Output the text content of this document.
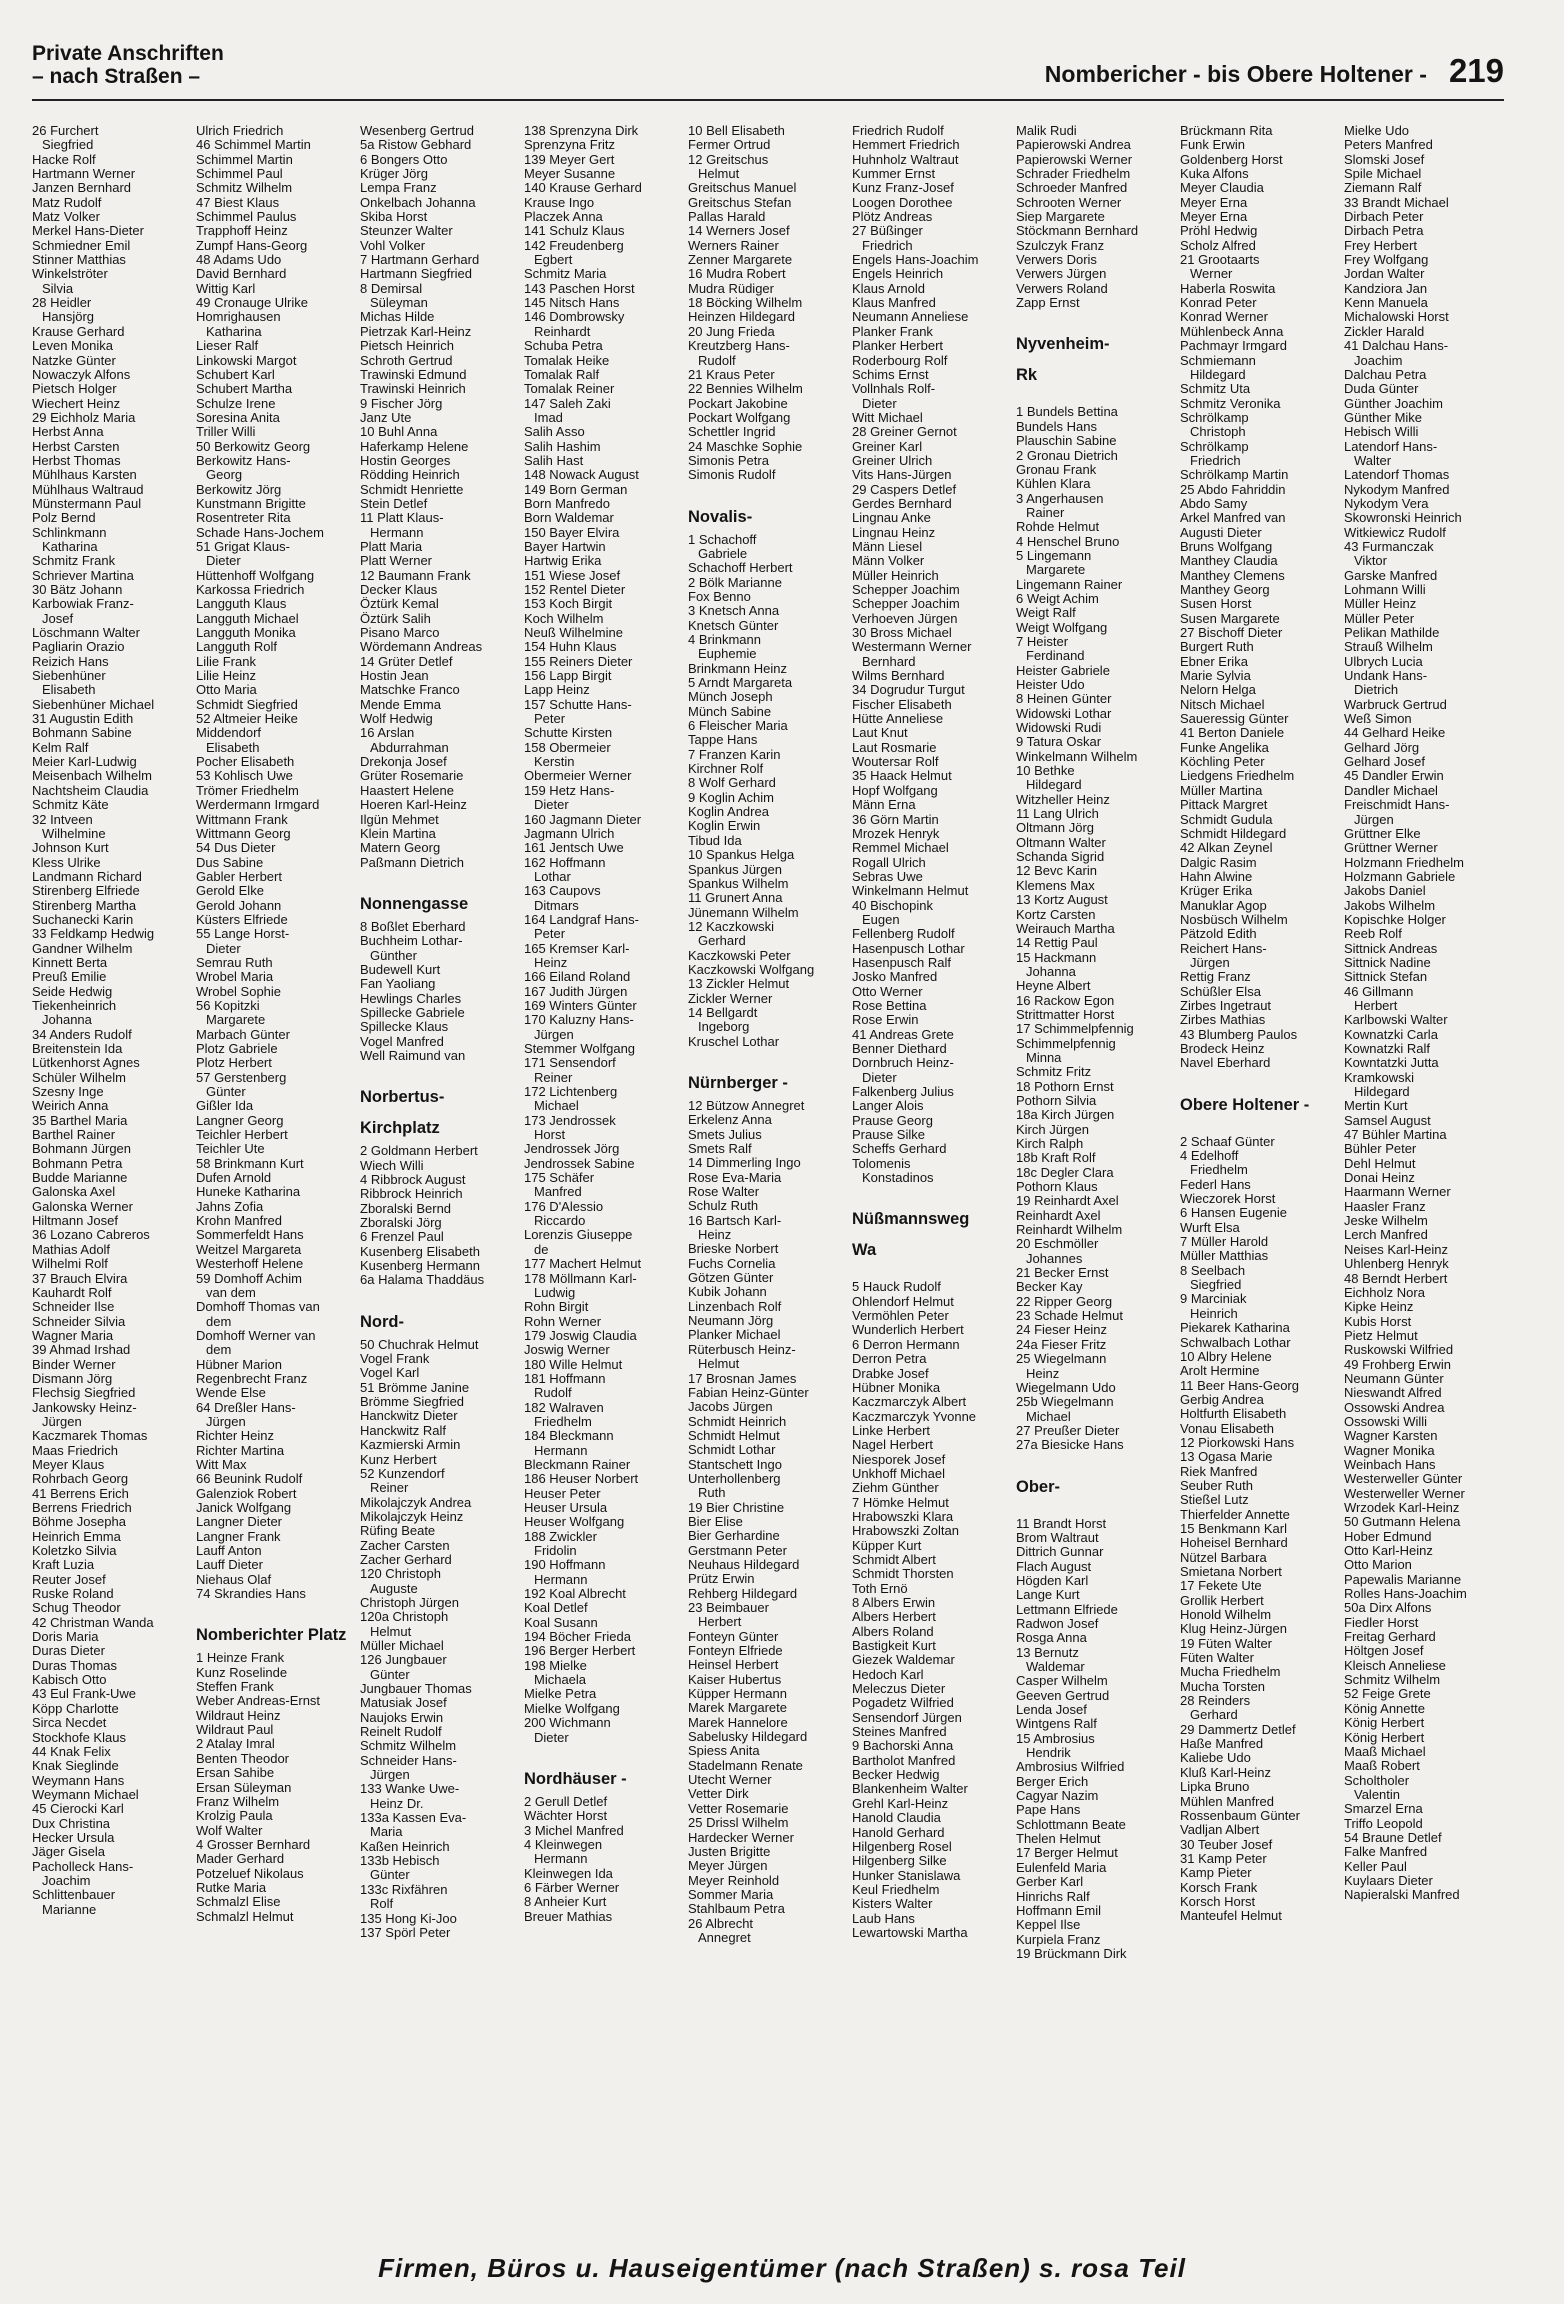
Private Anschriften
– nach Straßen –	Nombericher - bis Obere Holtener - 219
26 Furchert
Siegfried
Hacke Rolf
Hartmann Werner
Janzen Bernhard
Matz Rudolf
Matz Volker
Merkel Hans-Dieter
Schmiedner Emil
Stinner Matthias
Winkelströter
Silvia
28 Heidler
Hansjörg
Krause Gerhard
Leven Monika
Natzke Günter
Nowaczyk Alfons
Pietsch Holger
Wiechert Heinz
29 Eichholz Maria
Herbst Anna
Herbst Carsten
Herbst Thomas
Mühlhaus Karsten
Mühlhaus Waltraud
Münstermann Paul
Polz Bernd
Schlinkmann
Katharina
Schmitz Frank
Schriever Martina
30 Bätz Johann
Karbowiak Franz-
Josef
Löschmann Walter
Pagliarin Orazio
Reizich Hans
Siebenhüner
Elisabeth
Siebenhüner Michael
31 Augustin Edith
Bohmann Sabine
Kelm Ralf
Meier Karl-Ludwig
Meisenbach Wilhelm
Nachtsheim Claudia
Schmitz Käte
32 Intveen
Wilhelmine
Johnson Kurt
Kless Ulrike
Landmann Richard
Stirenberg Elfriede
Stirenberg Martha
Suchanecki Karin
33 Feldkamp Hedwig
Gandner Wilhelm
Kinnett Berta
Preuß Emilie
Seide Hedwig
Tiekenheinrich
Johanna
34 Anders Rudolf
Breitenstein Ida
Lütkenhorst Agnes
Schüler Wilhelm
Szesny Inge
Weirich Anna
35 Barthel Maria
Barthel Rainer
Bohmann Jürgen
Bohmann Petra
Budde Marianne
Galonska Axel
Galonska Werner
Hiltmann Josef
36 Lozano Cabreros
Mathias Adolf
Wilhelmi Rolf
37 Brauch Elvira
Kauhardt Rolf
Schneider Ilse
Schneider Silvia
Wagner Maria
39 Ahmad Irshad
Binder Werner
Dismann Jörg
Flechsig Siegfried
Jankowsky Heinz-
Jürgen
Kaczmarek Thomas
Maas Friedrich
Meyer Klaus
Rohrbach Georg
41 Berrens Erich
Berrens Friedrich
Böhme Josepha
Heinrich Emma
Koletzko Silvia
Kraft Luzia
Reuter Josef
Ruske Roland
Schug Theodor
42 Christman Wanda
Doris Maria
Duras Dieter
Duras Thomas
Kabisch Otto
43 Eul Frank-Uwe
Köpp Charlotte
Sirca Necdet
Stockhofe Klaus
44 Knak Felix
Knak Sieglinde
Weymann Hans
Weymann Michael
45 Cierocki Karl
Dux Christina
Hecker Ursula
Jäger Gisela
Pacholleck Hans-
Joachim
Schlittenbauer
Marianne
Ulrich Friedrich
46 Schimmel Martin
Schimmel Martin
Schimmel Paul
Schmitz Wilhelm
47 Biest Klaus
Schimmel Paulus
Trapphoff Heinz
Zumpf Hans-Georg
48 Adams Udo
David Bernhard
Wittig Karl
49 Cronauge Ulrike
Homrighausen
Katharina
Lieser Ralf
Linkowski Margot
Schubert Karl
Schubert Martha
Schulze Irene
Soresina Anita
Triller Willi
50 Berkowitz Georg
Berkowitz Hans-
Georg
Berkowitz Jörg
Kunstmann Brigitte
Rosentreter Rita
Schade Hans-Jochem
51 Grigat Klaus-
Dieter
Hüttenhoff Wolfgang
Karkossa Friedrich
Langguth Klaus
Langguth Michael
Langguth Monika
Langguth Rolf
Lilie Frank
Lilie Heinz
Otto Maria
Schmidt Siegfried
52 Altmeier Heike
Middendorf
Elisabeth
Pocher Elisabeth
53 Kohlisch Uwe
Trömer Friedhelm
Werdermann Irmgard
Wittmann Frank
Wittmann Georg
54 Dus Dieter
Dus Sabine
Gabler Herbert
Gerold Elke
Gerold Johann
Küsters Elfriede
55 Lange Horst-
Dieter
Semrau Ruth
Wrobel Maria
Wrobel Sophie
56 Kopitzki
Margarete
Marbach Günter
Plotz Gabriele
Plotz Herbert
57 Gerstenberg
Günter
Gißler Ida
Langner Georg
Teichler Herbert
Teichler Ute
58 Brinkmann Kurt
Dufen Arnold
Huneke Katharina
Jahns Zofia
Krohn Manfred
Sommerfeldt Hans
Weitzel Margareta
Westerhoff Helene
59 Domhoff Achim
van dem
Domhoff Thomas van
dem
Domhoff Werner van
dem
Hübner Marion
Regenbrecht Franz
Wende Else
64 Dreßler Hans-
Jürgen
Richter Heinz
Richter Martina
Witt Max
66 Beunink Rudolf
Galenziok Robert
Janick Wolfgang
Langner Dieter
Langner Frank
Lauff Anton
Lauff Dieter
Niehaus Olaf
74 Skrandies Hans
Nomberichter Platz
1 Heinze Frank
Kunz Roselinde
Steffen Frank
Weber Andreas-Ernst
Wildraut Heinz
Wildraut Paul
2 Atalay Imral
Benten Theodor
Ersan Sahibe
Ersan Süleyman
Franz Wilhelm
Krolzig Paula
Wolf Walter
4 Grosser Bernhard
Mader Gerhard
Potzeluef Nikolaus
Rutke Maria
Schmalzl Elise
Schmalzl Helmut
Wesenberg Gertrud
5a Ristow Gebhard
6 Bongers Otto
Krüger Jörg
Lempa Franz
Onkelbach Johanna
Skiba Horst
Steunzer Walter
Vohl Volker
7 Hartmann Gerhard
Hartmann Siegfried
8 Demirsal
Süleyman
Michas Hilde
Pietrzak Karl-Heinz
Pietsch Heinrich
Schroth Gertrud
Trawinski Edmund
Trawinski Heinrich
9 Fischer Jörg
Janz Ute
10 Buhl Anna
Haferkamp Helene
Hostin Georges
Rödding Heinrich
Schmidt Henriette
Stein Detlef
11 Platt Klaus-
Hermann
Platt Maria
Platt Werner
12 Baumann Frank
Decker Klaus
Öztürk Kemal
Öztürk Salih
Pisano Marco
Wördemann Andreas
14 Grüter Detlef
Hostin Jean
Matschke Franco
Mende Emma
Wolf Hedwig
16 Arslan
Abdurrahman
Drekonja Josef
Grüter Rosemarie
Haastert Helene
Hoeren Karl-Heinz
Ilgün Mehmet
Klein Martina
Matern Georg
Paßmann Dietrich
Nonnengasse
8 Boßlet Eberhard
Buchheim Lothar-
Günther
Budewell Kurt
Fan Yaoliang
Hewlings Charles
Spillecke Gabriele
Spillecke Klaus
Vogel Manfred
Well Raimund van
Norbertus-
Kirchplatz
2 Goldmann Herbert
Wiech Willi
4 Ribbrock August
Ribbrock Heinrich
Zboralski Bernd
Zboralski Jörg
6 Frenzel Paul
Kusenberg Elisabeth
Kusenberg Hermann
6a Halama Thaddäus
Nord-
50 Chuchrak Helmut
Vogel Frank
Vogel Karl
51 Brömme Janine
Brömme Siegfried
Hanckwitz Dieter
Hanckwitz Ralf
Kazmierski Armin
Kunz Herbert
52 Kunzendorf
Reiner
Mikolajczyk Andrea
Mikolajczyk Heinz
Rüfing Beate
Zacher Carsten
Zacher Gerhard
120 Christoph
Auguste
Christoph Jürgen
120a Christoph
Helmut
Müller Michael
126 Jungbauer
Günter
Jungbauer Thomas
Matusiak Josef
Naujoks Erwin
Reinelt Rudolf
Schmitz Wilhelm
Schneider Hans-
Jürgen
133 Wanke Uwe-
Heinz Dr.
133a Kassen Eva-
Maria
Kaßen Heinrich
133b Hebisch
Günter
133c Rixfähren
Rolf
135 Hong Ki-Joo
137 Spörl Peter
138 Sprenzyna Dirk
Sprenzyna Fritz
139 Meyer Gert
Meyer Susanne
140 Krause Gerhard
Krause Ingo
Placzek Anna
141 Schulz Klaus
142 Freudenberg
Egbert
Schmitz Maria
143 Paschen Horst
145 Nitsch Hans
146 Dombrowsky
Reinhardt
Schuba Petra
Tomalak Heike
Tomalak Ralf
Tomalak Reiner
147 Saleh Zaki
Imad
Salih Asso
Salih Hashim
Salih Hast
148 Nowack August
149 Born German
Born Manfredo
Born Waldemar
150 Bayer Elvira
Bayer Hartwin
Hartwig Erika
151 Wiese Josef
152 Rentel Dieter
153 Koch Birgit
Koch Wilhelm
Neuß Wilhelmine
154 Huhn Klaus
155 Reiners Dieter
156 Lapp Birgit
Lapp Heinz
157 Schutte Hans-
Peter
Schutte Kirsten
158 Obermeier
Kerstin
Obermeier Werner
159 Hetz Hans-
Dieter
160 Jagmann Dieter
Jagmann Ulrich
161 Jentsch Uwe
162 Hoffmann
Lothar
163 Caupovs
Ditmars
164 Landgraf Hans-
Peter
165 Kremser Karl-
Heinz
166 Eiland Roland
167 Judith Jürgen
169 Winters Günter
170 Kaluzny Hans-
Jürgen
Stemmer Wolfgang
171 Sensendorf
Reiner
172 Lichtenberg
Michael
173 Jendrossek
Horst
Jendrossek Jörg
Jendrossek Sabine
175 Schäfer
Manfred
176 D'Alessio
Riccardo
Lorenzis Giuseppe
de
177 Machert Helmut
178 Möllmann Karl-
Ludwig
Rohn Birgit
Rohn Werner
179 Joswig Claudia
Joswig Werner
180 Wille Helmut
181 Hoffmann
Rudolf
182 Walraven
Friedhelm
184 Bleckmann
Hermann
Bleckmann Rainer
186 Heuser Norbert
Heuser Peter
Heuser Ursula
Heuser Wolfgang
188 Zwickler
Fridolin
190 Hoffmann
Hermann
192 Koal Albrecht
Koal Detlef
Koal Susann
194 Böcher Frieda
196 Berger Herbert
198 Mielke
Michaela
Mielke Petra
Mielke Wolfgang
200 Wichmann
Dieter
Nordhäuser -
2 Gerull Detlef
Wächter Horst
3 Michel Manfred
4 Kleinwegen
Hermann
Kleinwegen Ida
6 Färber Werner
8 Anheier Kurt
Breuer Mathias
10 Bell Elisabeth
Fermer Ortrud
12 Greitschus
Helmut
Greitschus Manuel
Greitschus Stefan
Pallas Harald
14 Werners Josef
Werners Rainer
Zenner Margarete
16 Mudra Robert
Mudra Rüdiger
18 Böcking Wilhelm
Heinzen Hildegard
20 Jung Frieda
Kreutzberg Hans-
Rudolf
21 Kraus Peter
22 Bennies Wilhelm
Pockart Jakobine
Pockart Wolfgang
Schettler Ingrid
24 Maschke Sophie
Simonis Petra
Simonis Rudolf
Novalis-
1 Schachoff
Gabriele
Schachoff Herbert
2 Bölk Marianne
Fox Benno
3 Knetsch Anna
Knetsch Günter
4 Brinkmann
Euphemie
Brinkmann Heinz
5 Arndt Margareta
Münch Joseph
Münch Sabine
6 Fleischer Maria
Tappe Hans
7 Franzen Karin
Kirchner Rolf
8 Wolf Gerhard
9 Koglin Achim
Koglin Andrea
Koglin Erwin
Tibud Ida
10 Spankus Helga
Spankus Jürgen
Spankus Wilhelm
11 Grunert Anna
Jünemann Wilhelm
12 Kaczkowski
Gerhard
Kaczkowski Peter
Kaczkowski Wolfgang
13 Zickler Helmut
Zickler Werner
14 Bellgardt
Ingeborg
Kruschel Lothar
Nürnberger -
12 Bützow Annegret
Erkelenz Anna
Smets Julius
Smets Ralf
14 Dimmerling Ingo
Rose Eva-Maria
Rose Walter
Schulz Ruth
16 Bartsch Karl-
Heinz
Brieske Norbert
Fuchs Cornelia
Götzen Günter
Kubik Johann
Linzenbach Rolf
Neumann Jörg
Planker Michael
Rüterbusch Heinz-
Helmut
17 Brosnan James
Fabian Heinz-Günter
Jacobs Jürgen
Schmidt Heinrich
Schmidt Helmut
Schmidt Lothar
Stantschett Ingo
Unterhollenberg
Ruth
19 Bier Christine
Bier Elise
Bier Gerhardine
Gerstmann Peter
Neuhaus Hildegard
Prütz Erwin
Rehberg Hildegard
23 Beimbauer
Herbert
Fonteyn Günter
Fonteyn Elfriede
Heinsel Herbert
Kaiser Hubertus
Küpper Hermann
Marek Margarete
Marek Hannelore
Sabelusky Hildegard
Spiess Anita
Stadelmann Renate
Utecht Werner
Vetter Dirk
Vetter Rosemarie
25 Drissl Wilhelm
Hardecker Werner
Justen Brigitte
Meyer Jürgen
Meyer Reinhold
Sommer Maria
Stahlbaum Petra
26 Albrecht
Annegret
Friedrich Rudolf
Hemmert Friedrich
Huhnholz Waltraut
Kummer Ernst
Kunz Franz-Josef
Loogen Dorothee
Plötz Andreas
27 Büßinger
Friedrich
Engels Hans-Joachim
Engels Heinrich
Klaus Arnold
Klaus Manfred
Neumann Anneliese
Planker Frank
Planker Herbert
Roderbourg Rolf
Schims Ernst
Vollnhals Rolf-
Dieter
Witt Michael
28 Greiner Gernot
Greiner Karl
Greiner Ulrich
Vits Hans-Jürgen
29 Caspers Detlef
Gerdes Bernhard
Lingnau Anke
Lingnau Heinz
Männ Liesel
Männ Volker
Müller Heinrich
Schepper Joachim
Schepper Joachim
Verhoeven Jürgen
30 Bross Michael
Westermann Werner
Bernhard
Wilms Bernhard
34 Dogrudur Turgut
Fischer Elisabeth
Hütte Anneliese
Laut Knut
Laut Rosmarie
Woutersar Rolf
35 Haack Helmut
Hopf Wolfgang
Männ Erna
36 Görn Martin
Mrozek Henryk
Remmel Michael
Rogall Ulrich
Sebras Uwe
Winkelmann Helmut
40 Bischopink
Eugen
Fellenberg Rudolf
Hasenpusch Lothar
Hasenpusch Ralf
Josko Manfred
Otto Werner
Rose Bettina
Rose Erwin
41 Andreas Grete
Benner Diethard
Dornbruch Heinz-
Dieter
Falkenberg Julius
Langer Alois
Prause Georg
Prause Silke
Scheffs Gerhard
Tolomenis
Konstadinos
Nüßmannsweg
Wa
5 Hauck Rudolf
Ohlendorf Helmut
Vermöhlen Peter
Wunderlich Herbert
6 Derron Hermann
Derron Petra
Drabke Josef
Hübner Monika
Kaczmarczyk Albert
Kaczmarczyk Yvonne
Linke Herbert
Nagel Herbert
Niesporek Josef
Unkhoff Michael
Ziehm Günther
7 Hömke Helmut
Hrabowszki Klara
Hrabowszki Zoltan
Küpper Kurt
Schmidt Albert
Schmidt Thorsten
Toth Ernö
8 Albers Erwin
Albers Herbert
Albers Roland
Bastigkeit Kurt
Giezek Waldemar
Hedoch Karl
Meleczus Dieter
Pogadetz Wilfried
Sensendorf Jürgen
Steines Manfred
9 Bachorski Anna
Bartholot Manfred
Becker Hedwig
Blankenheim Walter
Grehl Karl-Heinz
Hanold Claudia
Hanold Gerhard
Hilgenberg Rosel
Hilgenberg Silke
Hunker Stanislawa
Keul Friedhelm
Kisters Walter
Laub Hans
Lewartowski Martha
Malik Rudi
Papierowski Andrea
Papierowski Werner
Schrader Friedhelm
Schroeder Manfred
Schrooten Werner
Siep Margarete
Stöckmann Bernhard
Szulczyk Franz
Verwers Doris
Verwers Jürgen
Verwers Roland
Zapp Ernst
Nyvenheim-
Rk
1 Bundels Bettina
Bundels Hans
Plauschin Sabine
2 Gronau Dietrich
Gronau Frank
Kühlen Klara
3 Angerhausen
Rainer
Rohde Helmut
4 Henschel Bruno
5 Lingemann
Margarete
Lingemann Rainer
6 Weigt Achim
Weigt Ralf
Weigt Wolfgang
7 Heister
Ferdinand
Heister Gabriele
Heister Udo
8 Heinen Günter
Widowski Lothar
Widowski Rudi
9 Tatura Oskar
Winkelmann Wilhelm
10 Bethke
Hildegard
Witzheller Heinz
11 Lang Ulrich
Oltmann Jörg
Oltmann Walter
Schanda Sigrid
12 Bevc Karin
Klemens Max
13 Kortz August
Kortz Carsten
Weirauch Martha
14 Rettig Paul
15 Hackmann
Johanna
Heyne Albert
16 Rackow Egon
Strittmatter Horst
17 Schimmelpfennig
Schimmelpfennig
Minna
Schmitz Fritz
18 Pothorn Ernst
Pothorn Silvia
18a Kirch Jürgen
Kirch Jürgen
Kirch Ralph
18b Kraft Rolf
18c Degler Clara
Pothorn Klaus
19 Reinhardt Axel
Reinhardt Axel
Reinhardt Wilhelm
20 Eschmöller
Johannes
21 Becker Ernst
Becker Kay
22 Ripper Georg
23 Schade Helmut
24 Fieser Heinz
24a Fieser Fritz
25 Wiegelmann
Heinz
Wiegelmann Udo
25b Wiegelmann
Michael
27 Preußer Dieter
27a Biesicke Hans
Ober-
11 Brandt Horst
Brom Waltraut
Dittrich Gunnar
Flach August
Högden Karl
Lange Kurt
Lettmann Elfriede
Radwon Josef
Rosga Anna
13 Bernutz
Waldemar
Casper Wilhelm
Geeven Gertrud
Lenda Josef
Wintgens Ralf
15 Ambrosius
Hendrik
Ambrosius Wilfried
Berger Erich
Cagyar Nazim
Pape Hans
Schlottmann Beate
Thelen Helmut
17 Berger Helmut
Eulenfeld Maria
Gerber Karl
Hinrichs Ralf
Hoffmann Emil
Keppel Ilse
Kurpiela Franz
19 Brückmann Dirk
Brückmann Rita
Funk Erwin
Goldenberg Horst
Kuka Alfons
Meyer Claudia
Meyer Erna
Meyer Erna
Pröhl Hedwig
Scholz Alfred
21 Grootaarts
Werner
Haberla Roswita
Konrad Peter
Konrad Werner
Mühlenbeck Anna
Pachmayr Irmgard
Schmiemann
Hildegard
Schmitz Uta
Schmitz Veronika
Schrölkamp
Christoph
Schrölkamp
Friedrich
Schrölkamp Martin
25 Abdo Fahriddin
Abdo Samy
Arkel Manfred van
Augusti Dieter
Bruns Wolfgang
Manthey Claudia
Manthey Clemens
Manthey Georg
Susen Horst
Susen Margarete
27 Bischoff Dieter
Burgert Ruth
Ebner Erika
Marie Sylvia
Nelorn Helga
Nitsch Michael
Saueressig Günter
41 Berton Daniele
Funke Angelika
Köchling Peter
Liedgens Friedhelm
Müller Martina
Pittack Margret
Schmidt Gudula
Schmidt Hildegard
42 Alkan Zeynel
Dalgic Rasim
Hahn Alwine
Krüger Erika
Manuklar Agop
Nosbüsch Wilhelm
Pätzold Edith
Reichert Hans-
Jürgen
Rettig Franz
Schüßler Elsa
Zirbes Ingetraut
Zirbes Mathias
43 Blumberg Paulos
Brodeck Heinz
Navel Eberhard
Obere Holtener -
2 Schaaf Günter
4 Edelhoff
Friedhelm
Federl Hans
Wieczorek Horst
6 Hansen Eugenie
Wurft Elsa
7 Müller Harold
Müller Matthias
8 Seelbach
Siegfried
9 Marciniak
Heinrich
Piekarek Katharina
Schwalbach Lothar
10 Albry Helene
Arolt Hermine
11 Beer Hans-Georg
Gerbig Andrea
Holtfurth Elisabeth
Vonau Elisabeth
12 Piorkowski Hans
13 Ogasa Marie
Riek Manfred
Seuber Ruth
Stießel Lutz
Thierfelder Annette
15 Benkmann Karl
Hoheisel Bernhard
Nützel Barbara
Smietana Norbert
17 Fekete Ute
Grollik Herbert
Honold Wilhelm
Klug Heinz-Jürgen
19 Füten Walter
Füten Walter
Mucha Friedhelm
Mucha Torsten
28 Reinders
Gerhard
29 Dammertz Detlef
Haße Manfred
Kaliebe Udo
Kluß Karl-Heinz
Lipka Bruno
Mühlen Manfred
Rossenbaum Günter
Vadljan Albert
30 Teuber Josef
31 Kamp Peter
Kamp Pieter
Korsch Frank
Korsch Horst
Manteufel Helmut
Mielke Udo
Peters Manfred
Slomski Josef
Spile Michael
Ziemann Ralf
33 Brandt Michael
Dirbach Peter
Dirbach Petra
Frey Herbert
Frey Wolfgang
Jordan Walter
Kandziora Jan
Kenn Manuela
Michalowski Horst
Zickler Harald
41 Dalchau Hans-
Joachim
Dalchau Petra
Duda Günter
Günther Joachim
Günther Mike
Hebisch Willi
Latendorf Hans-
Walter
Latendorf Thomas
Nykodym Manfred
Nykodym Vera
Skowronski Heinrich
Witkiewicz Rudolf
43 Furmanczak
Viktor
Garske Manfred
Lohmann Willi
Müller Heinz
Müller Peter
Pelikan Mathilde
Strauß Wilhelm
Ulbrych Lucia
Undank Hans-
Dietrich
Warbruck Gertrud
Weß Simon
44 Gelhard Heike
Gelhard Jörg
Gelhard Josef
45 Dandler Erwin
Dandler Michael
Freischmidt Hans-
Jürgen
Grüttner Elke
Grüttner Werner
Holzmann Friedhelm
Holzmann Gabriele
Jakobs Daniel
Jakobs Wilhelm
Kopischke Holger
Reeb Rolf
Sittnick Andreas
Sittnick Nadine
Sittnick Stefan
46 Gillmann
Herbert
Karlbowski Walter
Kownatzki Carla
Kownatzki Ralf
Kowntatzki Jutta
Kramkowski
Hildegard
Mertin Kurt
Samsel August
47 Bühler Martina
Bühler Peter
Dehl Helmut
Donai Heinz
Haarmann Werner
Haasler Franz
Jeske Wilhelm
Lerch Manfred
Neises Karl-Heinz
Uhlenberg Henryk
48 Berndt Herbert
Eichholz Nora
Kipke Heinz
Kubis Horst
Pietz Helmut
Ruskowski Wilfried
49 Frohberg Erwin
Neumann Günter
Nieswandt Alfred
Ossowski Andrea
Ossowski Willi
Wagner Karsten
Wagner Monika
Weinbach Hans
Westerweller Günter
Westerweller Werner
Wrzodek Karl-Heinz
50 Gutmann Helena
Hober Edmund
Otto Karl-Heinz
Otto Marion
Papewalis Marianne
Rolles Hans-Joachim
50a Dirx Alfons
Fiedler Horst
Freitag Gerhard
Höltgen Josef
Kleisch Anneliese
Schmitz Wilhelm
52 Feige Grete
König Annette
König Herbert
König Herbert
Maaß Michael
Maaß Robert
Scholtholer
Valentin
Smarzel Erna
Triffo Leopold
54 Braune Detlef
Falke Manfred
Keller Paul
Kuylaars Dieter
Napieralski Manfred
Firmen, Büros u. Hauseigentümer (nach Straßen) s. rosa Teil
